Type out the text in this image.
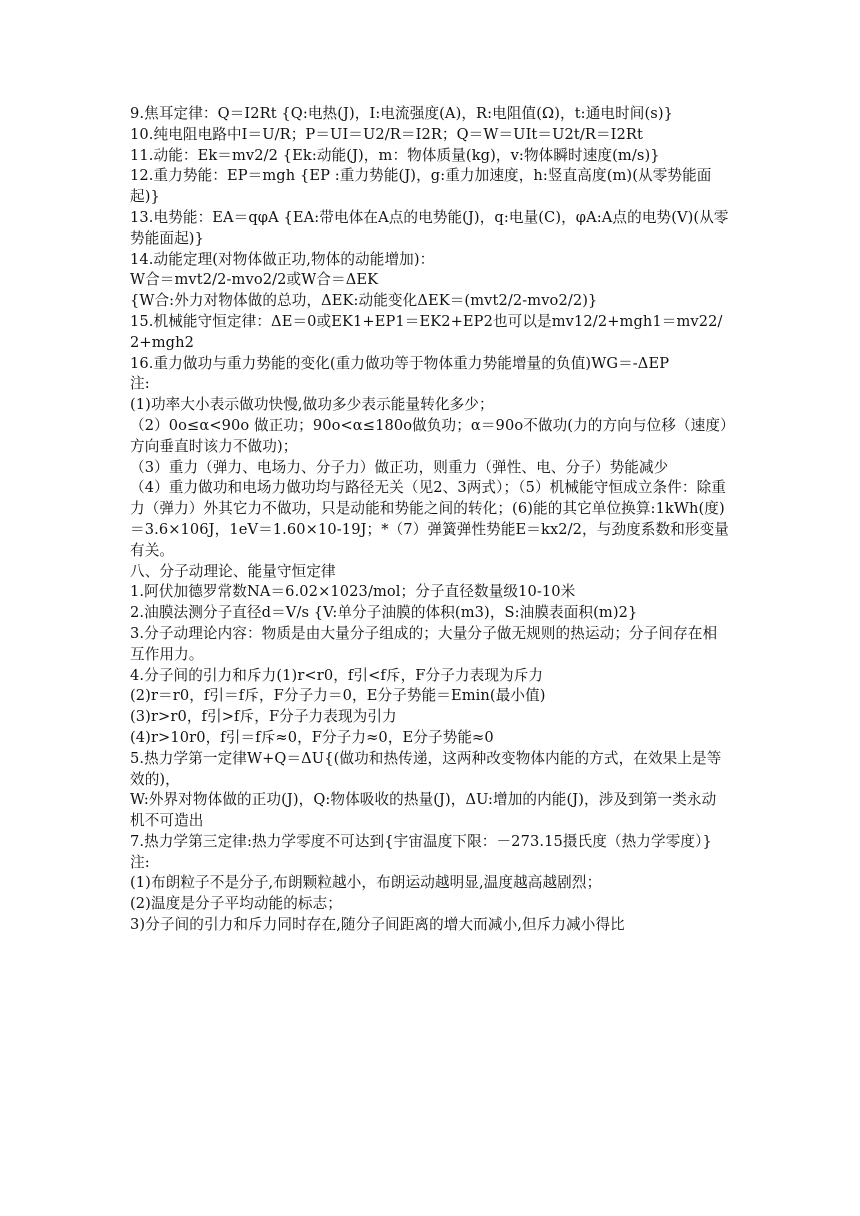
9.焦耳定律：Q＝I2Rt {Q:电热(J)，I:电流强度(A)，R:电阻值(Ω)，t:通电时间(s)}

10.纯电阻电路中I＝U/R；P＝UI＝U2/R＝I2R；Q＝W＝UIt＝U2t/R＝I2Rt

11.动能：Ek＝mv2/2 {Ek:动能(J)，m：物体质量(kg)，v:物体瞬时速度(m/s)}

12.重力势能：EP＝mgh {EP :重力势能(J)，g:重力加速度，h:竖直高度(m)(从零势能面起)}

13.电势能：EA＝qφA {EA:带电体在A点的电势能(J)，q:电量(C)，φA:A点的电势(V)(从零势能面起)}

14.动能定理(对物体做正功,物体的动能增加)：

W合＝mvt2/2-mvo2/2或W合＝ΔEK

{W合:外力对物体做的总功，ΔEK:动能变化ΔEK＝(mvt2/2-mvo2/2)}

15.机械能守恒定律：ΔE＝0或EK1+EP1＝EK2+EP2也可以是mv12/2+mgh1＝mv22/2+mgh2

16.重力做功与重力势能的变化(重力做功等于物体重力势能增量的负值)WG＝-ΔEP

注:

(1)功率大小表示做功快慢,做功多少表示能量转化多少；

（2）0o≤α<90o 做正功；90o<α≤180o做负功；α＝90o不做功(力的方向与位移（速度）方向垂直时该力不做功)；

（3）重力（弹力、电场力、分子力）做正功，则重力（弹性、电、分子）势能减少

（4）重力做功和电场力做功均与路径无关（见2、3两式）；（5）机械能守恒成立条件：除重力（弹力）外其它力不做功，只是动能和势能之间的转化；(6)能的其它单位换算:1kWh(度)＝3.6×106J，1eV＝1.60×10-19J；*（7）弹簧弹性势能E＝kx2/2，与劲度系数和形变量有关。

八、分子动理论、能量守恒定律

1.阿伏加德罗常数NA＝6.02×1023/mol；分子直径数量级10-10米

2.油膜法测分子直径d＝V/s {V:单分子油膜的体积(m3)，S:油膜表面积(m)2}

3.分子动理论内容：物质是由大量分子组成的；大量分子做无规则的热运动；分子间存在相互作用力。

4.分子间的引力和斥力(1)r<r0，f引<f斥，F分子力表现为斥力

(2)r＝r0，f引＝f斥，F分子力＝0，E分子势能＝Emin(最小值)

(3)r>r0，f引>f斥，F分子力表现为引力

(4)r>10r0，f引＝f斥≈0，F分子力≈0，E分子势能≈0

5.热力学第一定律W+Q＝ΔU{(做功和热传递，这两种改变物体内能的方式，在效果上是等效的)，

W:外界对物体做的正功(J)，Q:物体吸收的热量(J)，ΔU:增加的内能(J)，涉及到第一类永动机不可造出

7.热力学第三定律:热力学零度不可达到{宇宙温度下限：－273.15摄氏度（热力学零度）}

注:

(1)布朗粒子不是分子,布朗颗粒越小，布朗运动越明显,温度越高越剧烈；

(2)温度是分子平均动能的标志；

3)分子间的引力和斥力同时存在,随分子间距离的增大而减小,但斥力减小得比
